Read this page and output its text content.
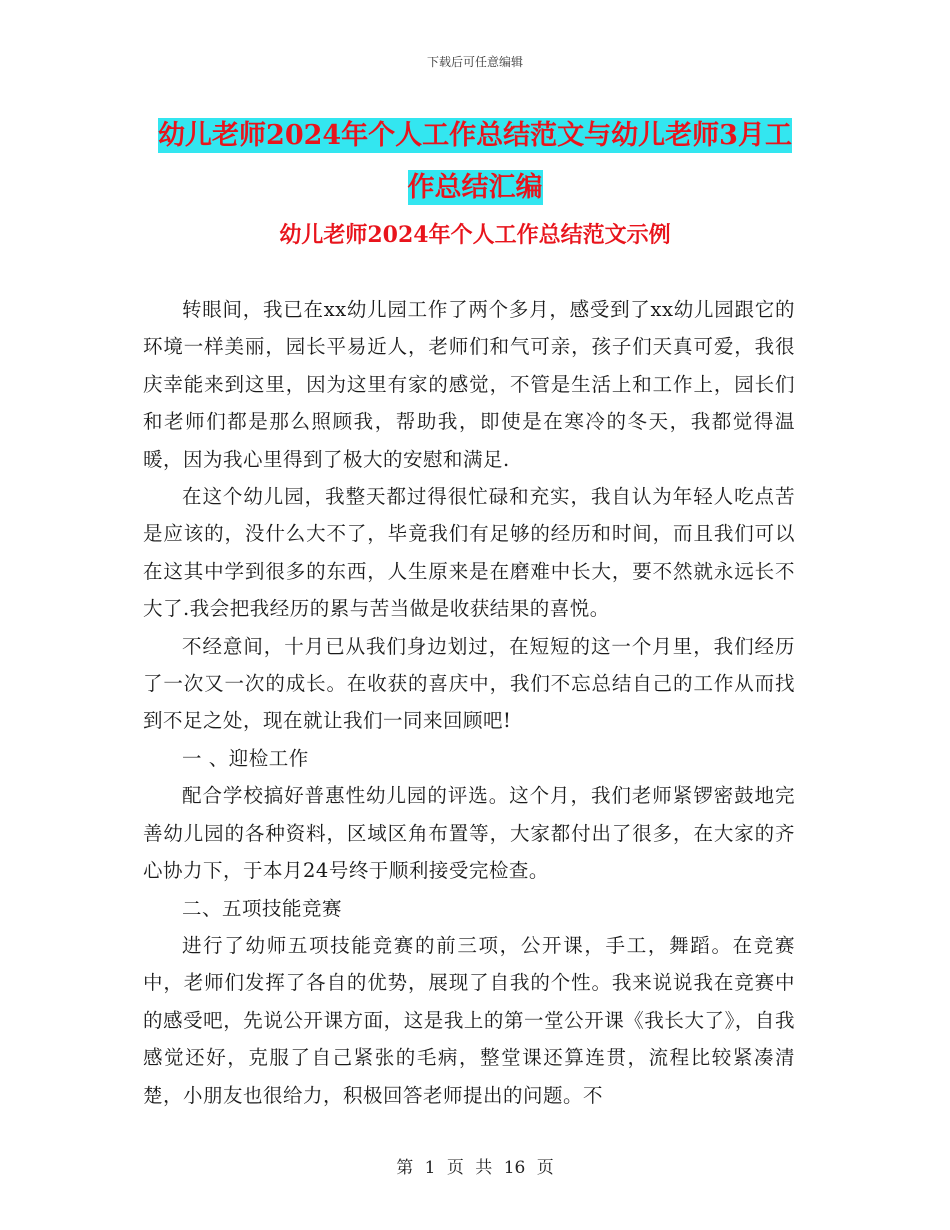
下载后可任意编辑
幼儿老师2024年个人工作总结范文与幼儿老师3月工
作总结汇编
幼儿老师2024年个人工作总结范文示例

转眼间，我已在xx幼儿园工作了两个多月，感受到了xx幼儿园跟它的环境一样美丽，园长平易近人，老师们和气可亲，孩子们天真可爱，我很庆幸能来到这里，因为这里有家的感觉，不管是生活上和工作上，园长们和老师们都是那么照顾我，帮助我，即使是在寒冷的冬天，我都觉得温暖，因为我心里得到了极大的安慰和满足.

在这个幼儿园，我整天都过得很忙碌和充实，我自认为年轻人吃点苦是应该的，没什么大不了，毕竟我们有足够的经历和时间，而且我们可以在这其中学到很多的东西，人生原来是在磨难中长大，要不然就永远长不大了.我会把我经历的累与苦当做是收获结果的喜悦。

不经意间，十月已从我们身边划过，在短短的这一个月里，我们经历了一次又一次的成长。在收获的喜庆中，我们不忘总结自己的工作从而找到不足之处，现在就让我们一同来回顾吧!

一 、迎检工作

配合学校搞好普惠性幼儿园的评选。这个月，我们老师紧锣密鼓地完善幼儿园的各种资料，区域区角布置等，大家都付出了很多，在大家的齐心协力下，于本月24号终于顺利接受完检查。

二、五项技能竞赛

进行了幼师五项技能竞赛的前三项，公开课，手工，舞蹈。在竞赛中，老师们发挥了各自的优势，展现了自我的个性。我来说说我在竞赛中的感受吧，先说公开课方面，这是我上的第一堂公开课《我长大了》，自我感觉还好，克服了自己紧张的毛病，整堂课还算连贯，流程比较紧凑清楚，小朋友也很给力，积极回答老师提出的问题。不

第 1 页 共 16 页
